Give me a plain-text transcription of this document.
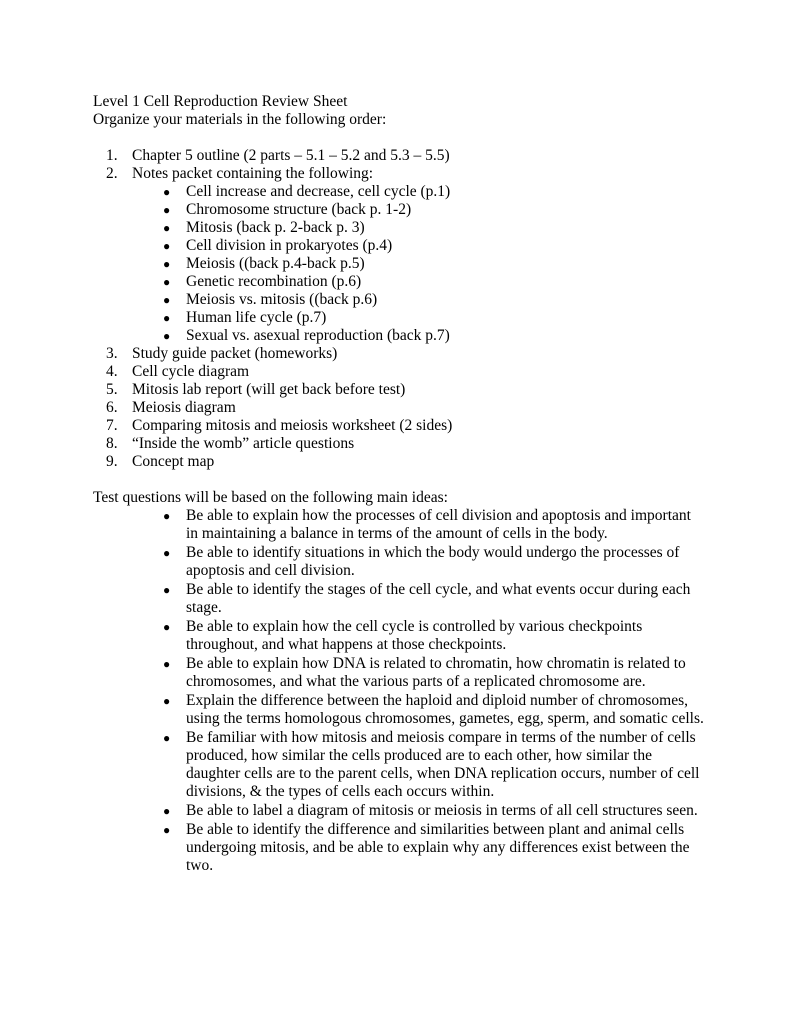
Level 1 Cell Reproduction Review Sheet
Organize your materials in the following order:
1. Chapter 5 outline (2 parts – 5.1 – 5.2 and 5.3 – 5.5)
2. Notes packet containing the following:
● Cell increase and decrease, cell cycle (p.1)
● Chromosome structure (back p. 1-2)
● Mitosis (back p. 2-back p. 3)
● Cell division in prokaryotes (p.4)
● Meiosis ((back p.4-back p.5)
● Genetic recombination (p.6)
● Meiosis vs. mitosis ((back p.6)
● Human life cycle (p.7)
● Sexual vs. asexual reproduction (back p.7)
3. Study guide packet (homeworks)
4. Cell cycle diagram
5. Mitosis lab report (will get back before test)
6. Meiosis diagram
7. Comparing mitosis and meiosis worksheet (2 sides)
8. “Inside the womb” article questions
9. Concept map
Test questions will be based on the following main ideas:
● Be able to explain how the processes of cell division and apoptosis and important in maintaining a balance in terms of the amount of cells in the body.
● Be able to identify situations in which the body would undergo the processes of apoptosis and cell division.
● Be able to identify the stages of the cell cycle, and what events occur during each stage.
● Be able to explain how the cell cycle is controlled by various checkpoints throughout, and what happens at those checkpoints.
● Be able to explain how DNA is related to chromatin, how chromatin is related to chromosomes, and what the various parts of a replicated chromosome are.
● Explain the difference between the haploid and diploid number of chromosomes, using the terms homologous chromosomes, gametes, egg, sperm, and somatic cells.
● Be familiar with how mitosis and meiosis compare in terms of the number of cells produced, how similar the cells produced are to each other, how similar the daughter cells are to the parent cells, when DNA replication occurs, number of cell divisions, & the types of cells each occurs within.
● Be able to label a diagram of mitosis or meiosis in terms of all cell structures seen.
● Be able to identify the difference and similarities between plant and animal cells undergoing mitosis, and be able to explain why any differences exist between the two.
